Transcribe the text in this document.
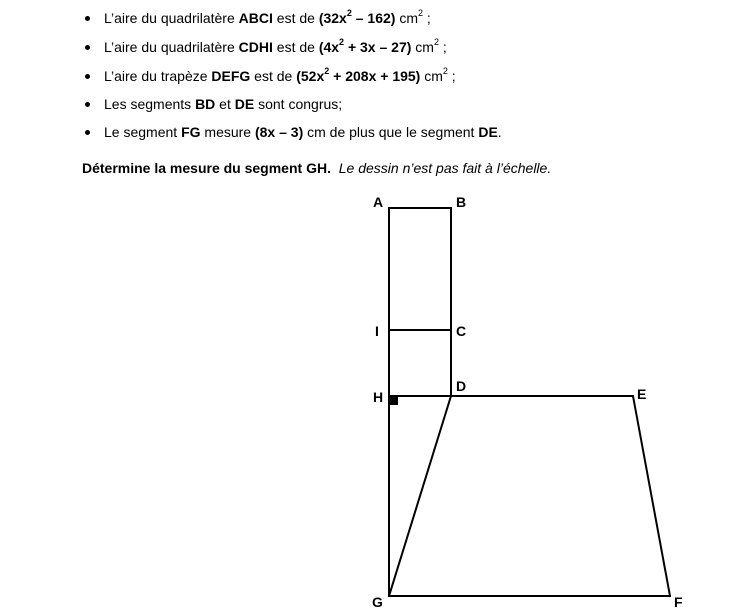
L’aire du quadrilatère ABCI est de $(32x^2 - 162)$ $cm^2$ ;
L’aire du quadrilatère CDHI est de $(4x^2 + 3x - 27)$ $cm^2$ ;
L’aire du trapèze DEFG est de $(52x^2 + 208x + 195)$ $cm^2$ ;
Les segments BD et DE sont congrus;
Le segment FG mesure (8x – 3) cm de plus que le segment DE.
Détermine la mesure du segment GH. Le dessin n’est pas fait à l’échelle.
A	B
I	C
H
D	E
G	F
